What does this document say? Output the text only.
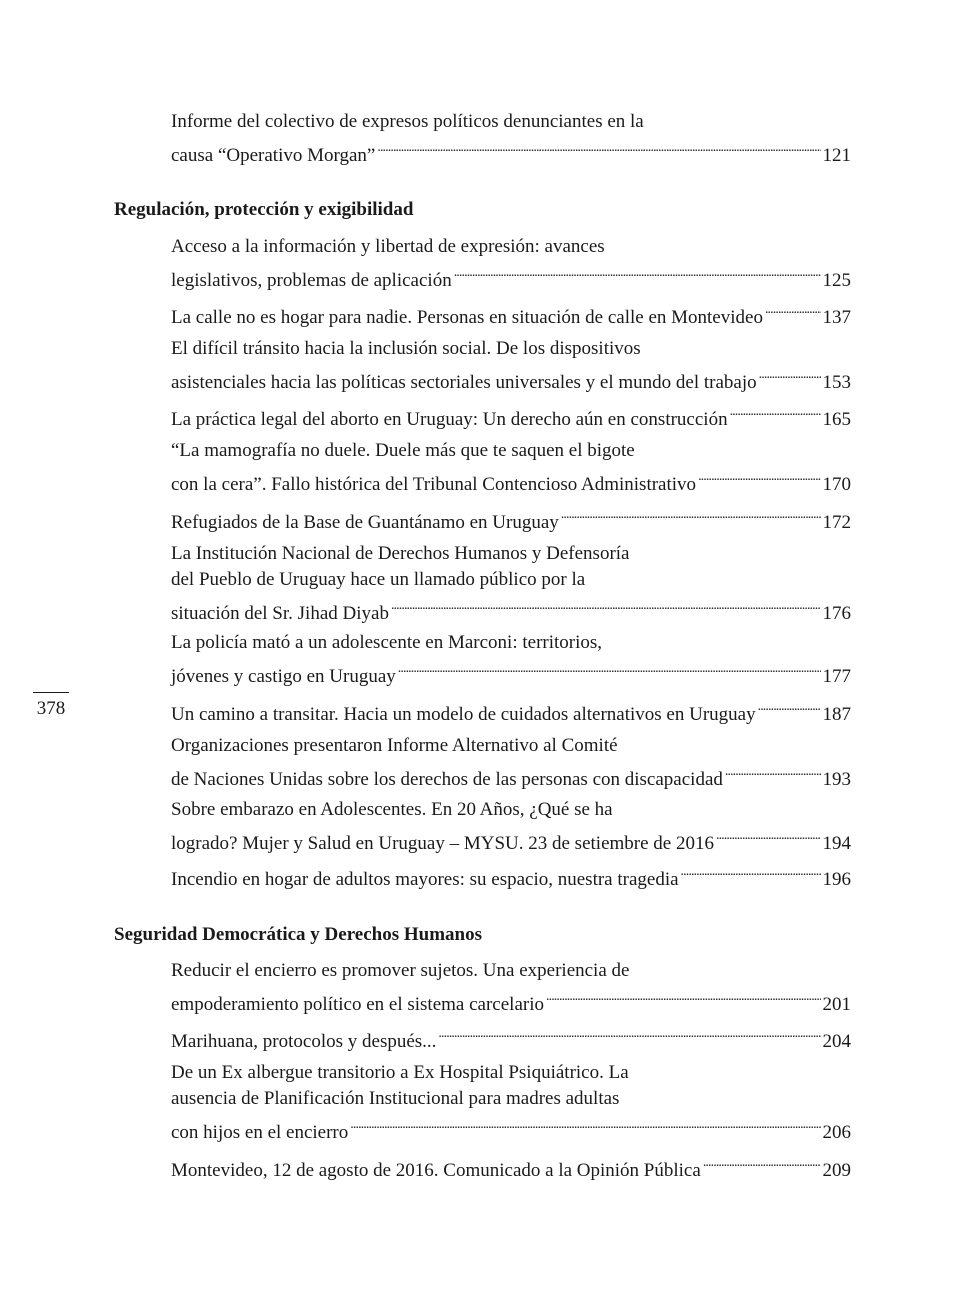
378
Informe del colectivo de expresos políticos denunciantes en la
causa “Operativo Morgan” . . .	121
Regulación, protección y exigibilidad
Acceso a la información y libertad de expresión: avances
legislativos, problemas de aplicación . . .	125
La calle no es hogar para nadie. Personas en situación de calle en Montevideo . . .	137
El difícil tránsito hacia la inclusión social. De los dispositivos
asistenciales hacia las políticas sectoriales universales y el mundo del trabajo . . .	153
La práctica legal del aborto en Uruguay: Un derecho aún en construcción . . .	165
“La mamografía no duele. Duele más que te saquen el bigote
con la cera”. Fallo histórica del Tribunal Contencioso Administrativo . . .	170
Refugiados de la Base de Guantánamo en Uruguay . . .	172
La Institución Nacional de Derechos Humanos y Defensoría
del Pueblo de Uruguay hace un llamado público por la
situación del Sr. Jihad Diyab . . .	176
La policía mató a un adolescente en Marconi: territorios,
jóvenes y castigo en Uruguay . . .	177
Un camino a transitar. Hacia un modelo de cuidados alternativos en Uruguay . . .	187
Organizaciones presentaron Informe Alternativo al Comité
de Naciones Unidas sobre los derechos de las personas con discapacidad . . .	193
Sobre embarazo en Adolescentes. En 20 Años, ¿Qué se ha
logrado? Mujer y Salud en Uruguay – MYSU. 23 de setiembre de 2016 . . .	194
Incendio en hogar de adultos mayores: su espacio, nuestra tragedia . . .	196
Seguridad Democrática y Derechos Humanos
Reducir el encierro es promover sujetos. Una experiencia de
empoderamiento político en el sistema carcelario . . .	201
Marihuana, protocolos y después... . . .	204
De un Ex albergue transitorio a Ex Hospital Psiquiátrico. La
ausencia de Planificación Institucional para madres adultas
con hijos en el encierro . . .	206
Montevideo, 12 de agosto de 2016. Comunicado a la Opinión Pública . . .	209
